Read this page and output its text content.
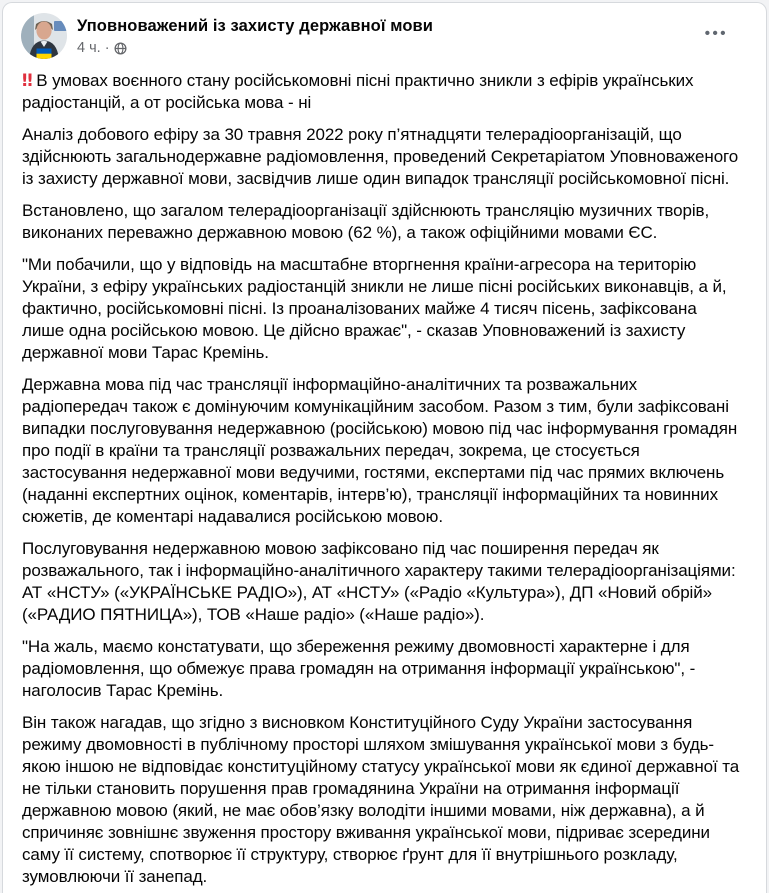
Уповноважений із захисту державної мови
4 ч. ·
•••

‼ В умовах воєнного стану російськомовні пісні практично зникли з ефірів українських радіостанцій, а от російська мова - ні

Аналіз добового ефіру за 30 травня 2022 року п’ятнадцяти телерадіоорганізацій, що здійснюють загальнодержавне радіомовлення, проведений Секретаріатом Уповноваженого із захисту державної мови, засвідчив лише один випадок трансляції російськомовної пісні.

Встановлено, що загалом телерадіоорганізації здійснюють трансляцію музичних творів, виконаних переважно державною мовою (62 %), а також офіційними мовами ЄС.

"Ми побачили, що у відповідь на масштабне вторгнення країни-агресора на територію України, з ефіру українських радіостанцій зникли не лише пісні російських виконавців, а й, фактично, російськомовні пісні. Із проаналізованих майже 4 тисяч пісень, зафіксована лише одна російською мовою. Це дійсно вражає", - сказав Уповноважений із захисту державної мови Тарас Кремінь.

Державна мова під час трансляції інформаційно-аналітичних та розважальних радіопередач також є домінуючим комунікаційним засобом. Разом з тим, були зафіксовані випадки послуговування недержавною (російською) мовою під час інформування громадян про події в країни та трансляції розважальних передач, зокрема, це стосується застосування недержавної мови ведучими, гостями, експертами під час прямих включень (наданні експертних оцінок, коментарів, інтерв’ю), трансляції інформаційних та новинних сюжетів, де коментарі надавалися російською мовою.

Послуговування недержавною мовою зафіксовано під час поширення передач як розважального, так і інформаційно-аналітичного характеру такими телерадіоорганізаціями: АТ «НСТУ» («УКРАЇНСЬКЕ РАДІО»), АТ «НСТУ» («Радіо «Культура»), ДП «Новий обрій» («РАДИО ПЯТНИЦА»), ТОВ «Наше радіо» («Наше радіо»).

"На жаль, маємо констатувати, що збереження режиму двомовності характерне і для радіомовлення, що обмежує права громадян на отримання інформації українською", - наголосив Тарас Кремінь.

Він також нагадав, що згідно з висновком Конституційного Суду України застосування режиму двомовності в публічному просторі шляхом змішування української мови з будь-якою іншою не відповідає конституційному статусу української мови як єдиної державної та не тільки становить порушення прав громадянина України на отримання інформації державною мовою (який, не має обов’язку володіти іншими мовами, ніж державна), а й спричиняє зовнішнє звуження простору вживання української мови, підриває зсередини саму її систему, спотворює її структуру, створює ґрунт для її внутрішнього розкладу, зумовлюючи її занепад.
